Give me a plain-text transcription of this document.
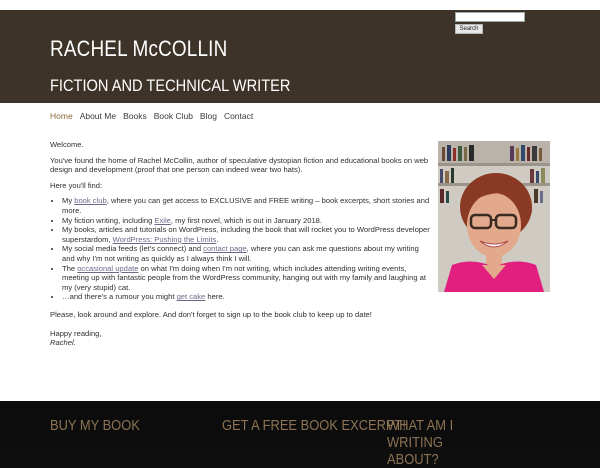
RACHEL McCOLLIN
FICTION AND TECHNICAL WRITER
Search
Home About Me Books Book Club Blog Contact

Welcome.

You've found the home of Rachel McCollin, author of speculative dystopian fiction and educational books on web design and development (proof that one person can indeed wear two hats).

Here you'll find:

• My book club, where you can get access to EXCLUSIVE and FREE writing – book excerpts, short stories and more.
• My fiction writing, including Exile, my first novel, which is out in January 2018.
• My books, articles and tutorials on WordPress, including the book that will rocket you to WordPress developer superstardom, WordPress: Pushing the Limits.
• My social media feeds (let's connect) and contact page, where you can ask me questions about my writing and why I'm not writing as quickly as I always think I will.
• The occasional update on what I'm doing when I'm not writing, which includes attending writing events, meeting up with fantastic people from the WordPress community, hanging out with my family and laughing at my (very stupid) cat.
• …and there's a rumour you might get cake here.

Please, look around and explore. And don't forget to sign up to the book club to keep up to date!

Happy reading,

Rachel.

BUY MY BOOK	GET A FREE BOOK EXCERPT!
WHAT AM I WRITING ABOUT?
